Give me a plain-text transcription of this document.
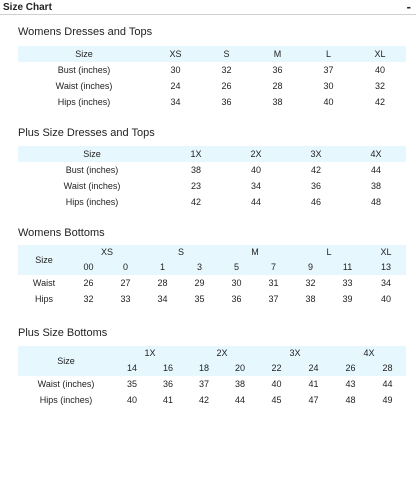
Size Chart	-
Womens Dresses and Tops
Size	XS	S	M	L	XL
Bust (inches)	30	32	36	37	40
Waist (inches)	24	26	28	30	32
Hips (inches)	34	36	38	40	42
Plus Size Dresses and Tops
Size	1X	2X	3X	4X
Bust (inches)	38	40	42	44
Waist (inches)	23	34	36	38
Hips (inches)	42	44	46	48
Womens Bottoms
Size	XS		S		M		L		XL
	00	0	1	3	5	7	9	11	13
Waist	26	27	28	29	30	31	32	33	34
Hips	32	33	34	35	36	37	38	39	40
Plus Size Bottoms
Size	1X		2X		3X		4X	
	14	16	18	20	22	24	26	28
Waist (inches)	35	36	37	38	40	41	43	44
Hips (inches)	40	41	42	44	45	47	48	49
